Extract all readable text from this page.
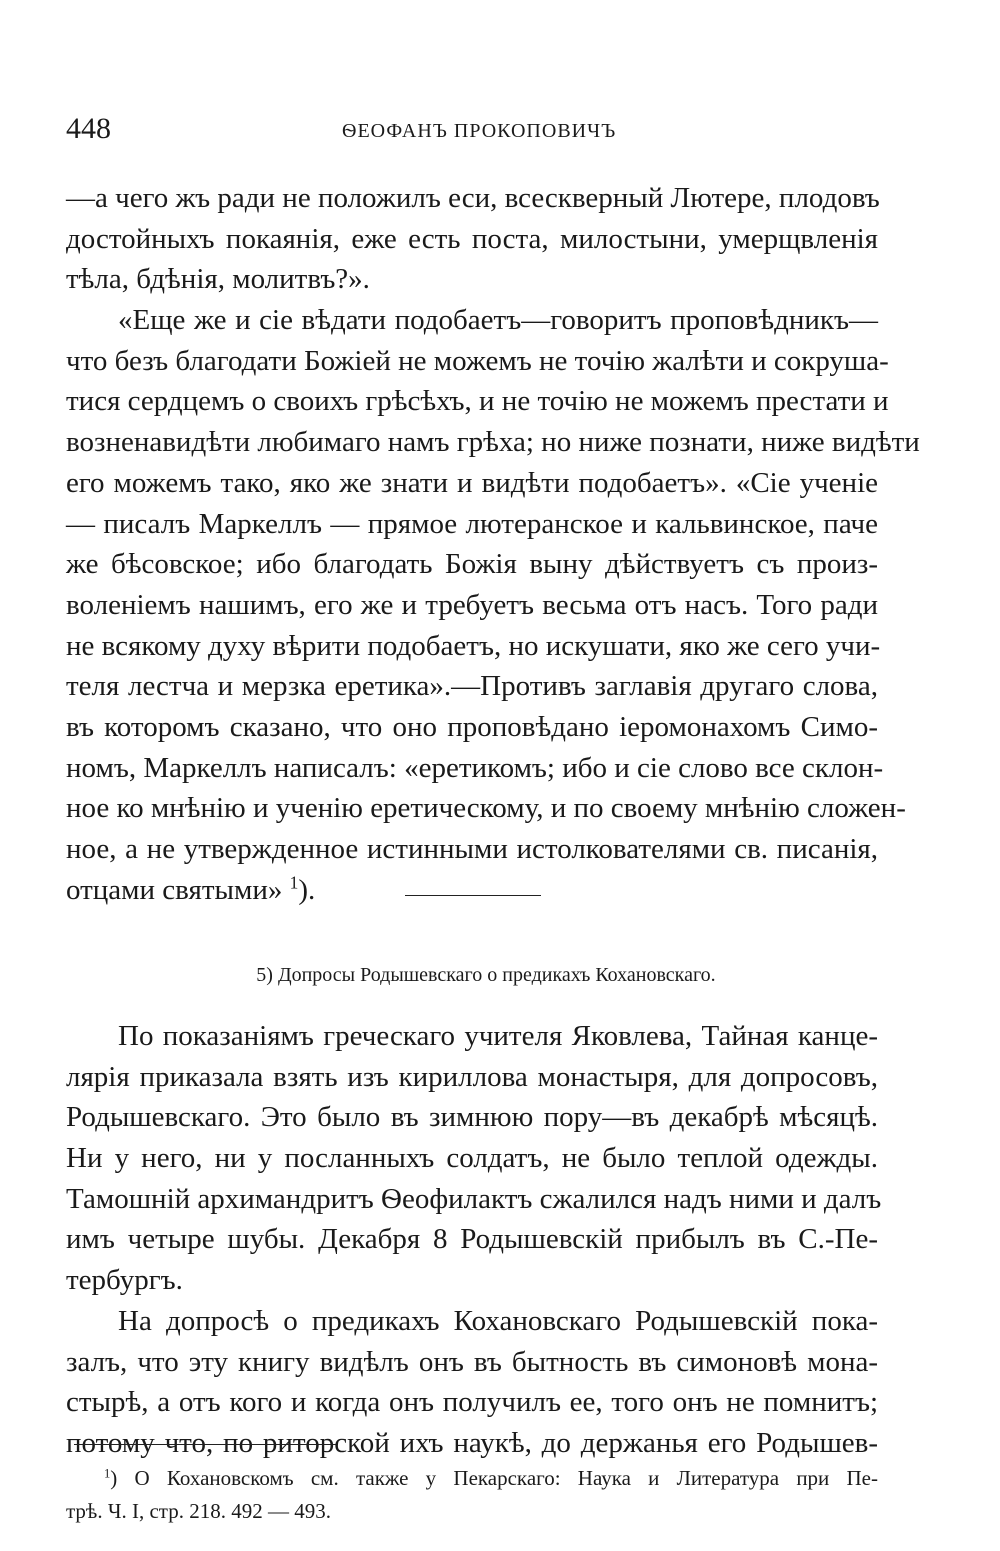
448	ѲЕОФАНЪ ПРОКОПОВИЧЪ
—а чего жъ ради не положилъ еси, всескверный Лютере, плодовъ
достойныхъ покаянія, еже есть поста, милостыни, умерщвленія
тѣла, бдѣнія, молитвъ?».
«Еще же и сіе вѣдати подобаетъ—говоритъ проповѣдникъ—
что безъ благодати Божіей не можемъ не точію жалѣти и сокруша-
тися сердцемъ о своихъ грѣсѣхъ, и не точію не можемъ престати и
возненавидѣти любимаго намъ грѣха; но ниже познати, ниже видѣти
его можемъ тако, яко же знати и видѣти подобаетъ». «Сіе ученіе
— писалъ Маркеллъ — прямое лютеранское и кальвинское, паче
же бѣсовское; ибо благодать Божія выну дѣйствуетъ съ произ-
воленіемъ нашимъ, его же и требуетъ весьма отъ насъ. Того ради
не всякому духу вѣрити подобаетъ, но искушати, яко же сего учи-
теля лестча и мерзка еретика».—Противъ заглавія другаго слова,
въ которомъ сказано, что оно проповѣдано іеромонахомъ Симо-
номъ, Маркеллъ написалъ: «еретикомъ; ибо и сіе слово все склон-
ное ко мнѣнію и ученію еретическому, и по своему мнѣнію сложен-
ное, а не утвержденное истинными истолкователями св. писанія,
отцами святыми» $^1$).
5) Допросы Родышевскаго о предикахъ Кохановскаго.
По показаніямъ греческаго учителя Яковлева, Тайная канце-
лярія приказала взять изъ кириллова монастыря, для допросовъ,
Родышевскаго. Это было въ зимнюю пору—въ декабрѣ мѣсяцѣ.
Ни у него, ни у посланныхъ солдатъ, не было теплой одежды.
Тамошній архимандритъ Ѳеофилактъ сжалился надъ ними и далъ
имъ четыре шубы. Декабря 8 Родышевскій прибылъ въ С.-Пе-
тербургъ.
На допросѣ о предикахъ Кохановскаго Родышевскій пока-
залъ, что эту книгу видѣлъ онъ въ бытность въ симоновѣ мона-
стырѣ, а отъ кого и когда онъ получилъ ее, того онъ не помнитъ;
потому что, по риторской ихъ наукѣ, до держанья его Родышев-
$^1$) О Кохановскомъ см. также у Пекарскаго: Наука и Литература при Пе-
трѣ. Ч. I, стр. 218. 492 — 493.
